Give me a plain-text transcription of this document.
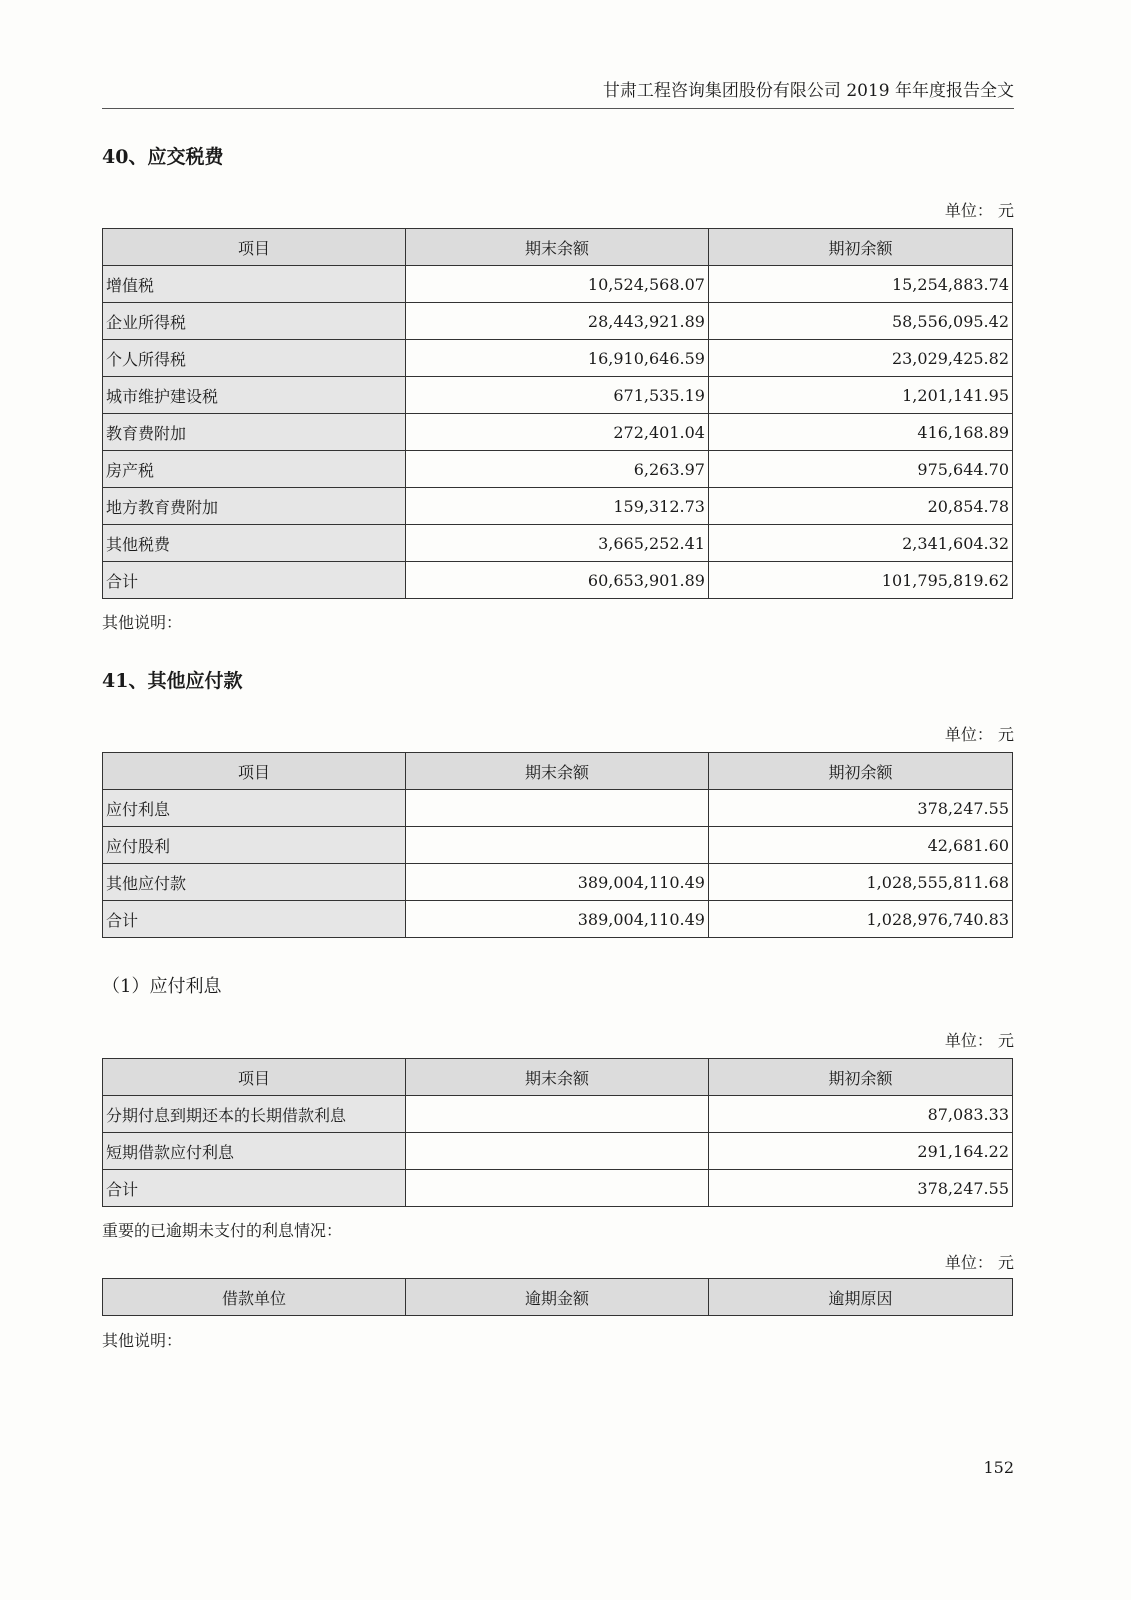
甘肃工程咨询集团股份有限公司 2019 年年度报告全文
40、应交税费
单位： 元
项目	期末余额	期初余额
增值税	10,524,568.07	15,254,883.74
企业所得税	28,443,921.89	58,556,095.42
个人所得税	16,910,646.59	23,029,425.82
城市维护建设税	671,535.19	1,201,141.95
教育费附加	272,401.04	416,168.89
房产税	6,263.97	975,644.70
地方教育费附加	159,312.73	20,854.78
其他税费	3,665,252.41	2,341,604.32
合计	60,653,901.89	101,795,819.62
其他说明：
41、其他应付款
单位： 元
项目	期末余额	期初余额
应付利息		378,247.55
应付股利		42,681.60
其他应付款	389,004,110.49	1,028,555,811.68
合计	389,004,110.49	1,028,976,740.83
（1）应付利息
单位： 元
项目	期末余额	期初余额
分期付息到期还本的长期借款利息		87,083.33
短期借款应付利息		291,164.22
合计		378,247.55
重要的已逾期未支付的利息情况：
单位： 元
借款单位	逾期金额	逾期原因
其他说明：
152
